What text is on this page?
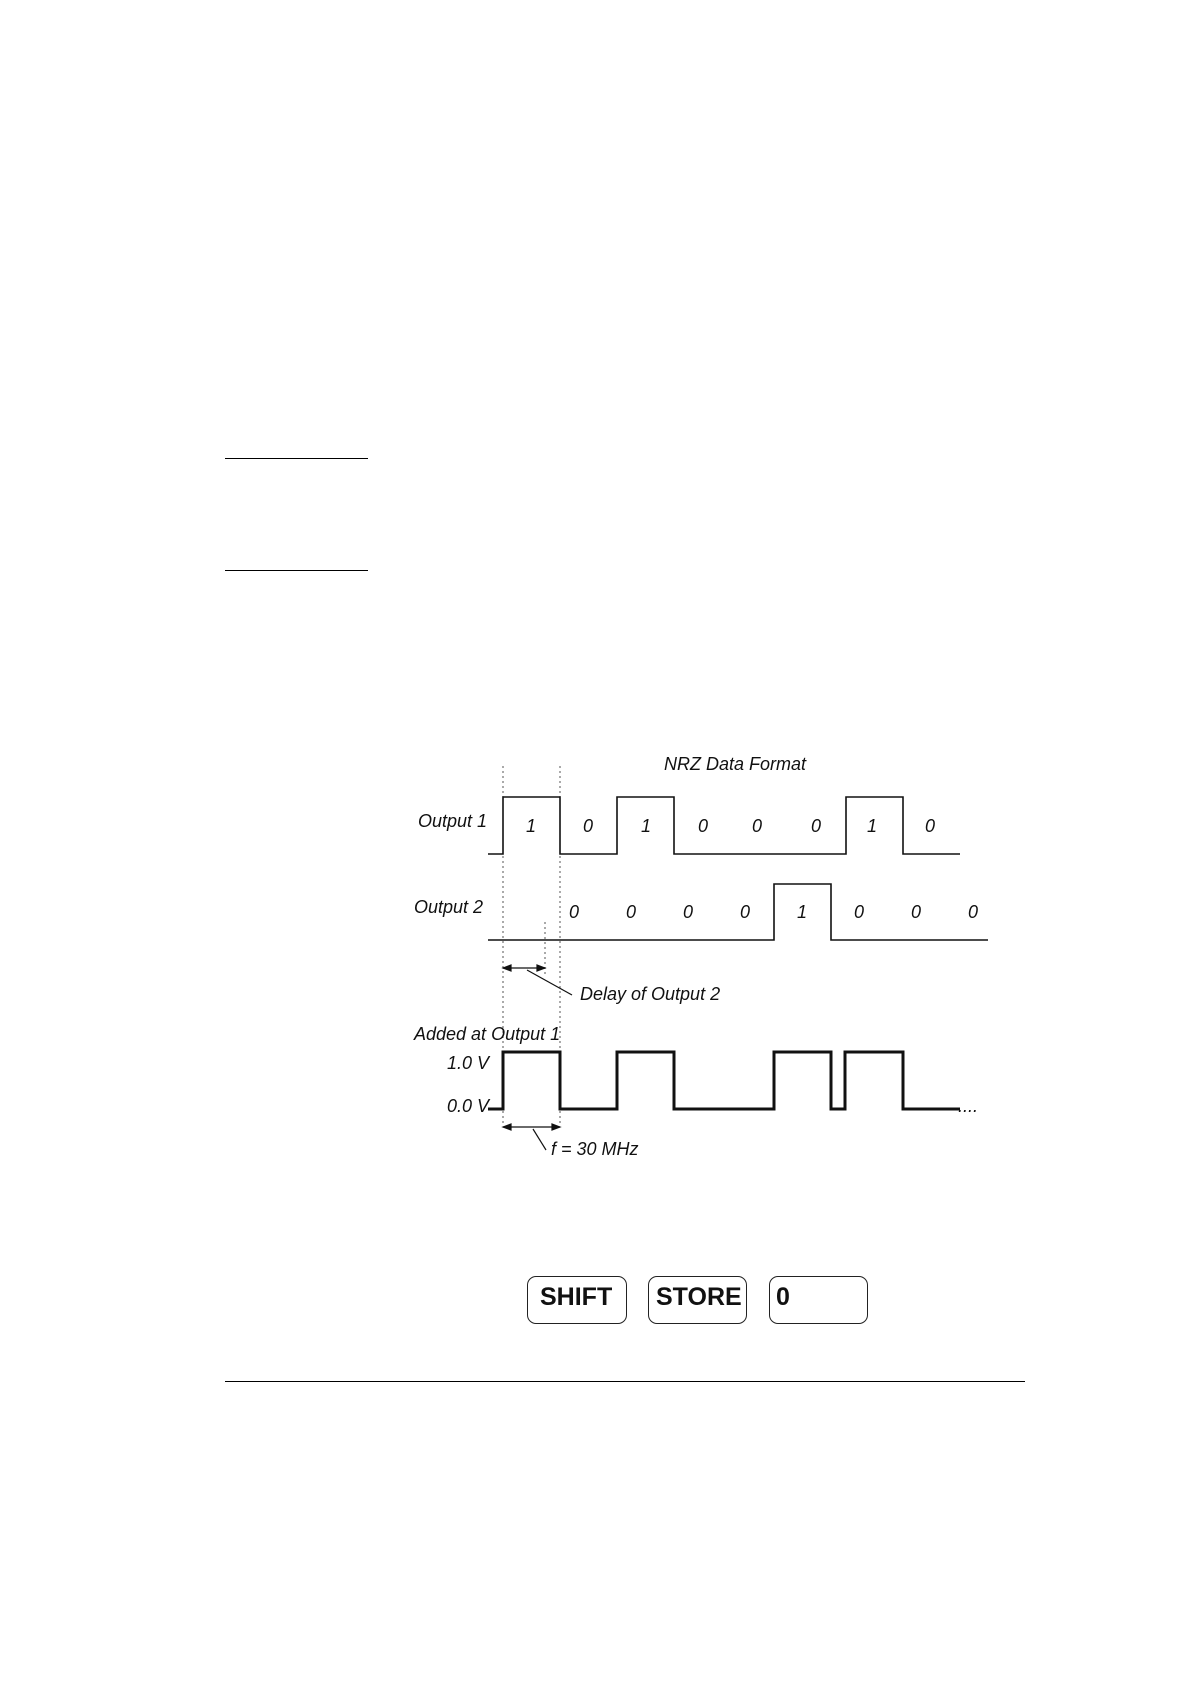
NRZ Data Format
Output 1 1	0	1	0 0	0	1	0
Output 2	0	0	0	0	1	0	0	0
Delay of Output 2
Added at Output 1
1.0 V
0.0 V	....
f = 30 MHz
SHIFT	STORE 0
